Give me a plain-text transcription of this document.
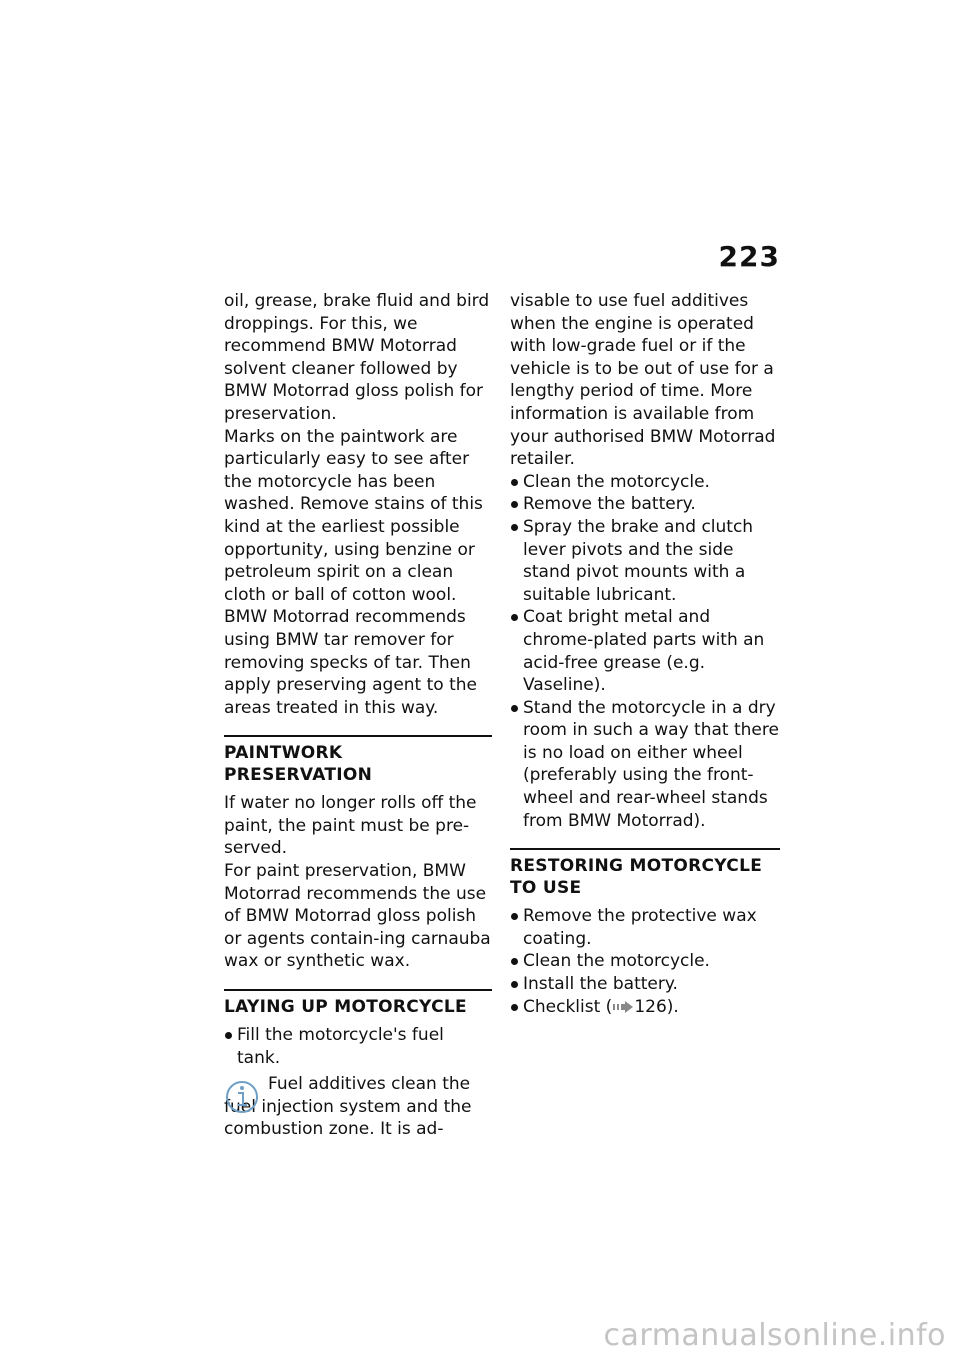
223

oil, grease, brake fluid and bird droppings. For this, we recommend BMW Motorrad solvent cleaner followed by BMW Motorrad gloss polish for preservation.

Marks on the paintwork are particularly easy to see after the motorcycle has been washed. Remove stains of this kind at the earliest possible opportunity, using benzine or petroleum spirit on a clean cloth or ball of cotton wool. BMW Motorrad recommends using BMW tar remover for removing specks of tar. Then apply preserving agent to the areas treated in this way.

PAINTWORK PRESERVATION

If water no longer rolls off the paint, the paint must be pre-served.

For paint preservation, BMW Motorrad recommends the use of BMW Motorrad gloss polish or agents contain-ing carnauba wax or synthetic wax.

LAYING UP MOTORCYCLE
Fill the motorcycle's fuel tank.
Fuel additives clean the fuel injection system and the combustion zone. It is ad-

visable to use fuel additives when the engine is operated with low-grade fuel or if the vehicle is to be out of use for a lengthy period of time. More information is available from your authorised BMW Motorrad retailer.

Clean the motorcycle.
Remove the battery.
Spray the brake and clutch lever pivots and the side stand pivot mounts with a suitable lubricant.
Coat bright metal and chrome-plated parts with an acid-free grease (e.g. Vaseline).
Stand the motorcycle in a dry room in such a way that there is no load on either wheel (preferably using the front-wheel and rear-wheel stands from BMW Motorrad).
RESTORING MOTORCYCLE TO USE
Remove the protective wax coating.
Clean the motorcycle.
Install the battery.
Checklist ( 126).
carmanualsonline.info
